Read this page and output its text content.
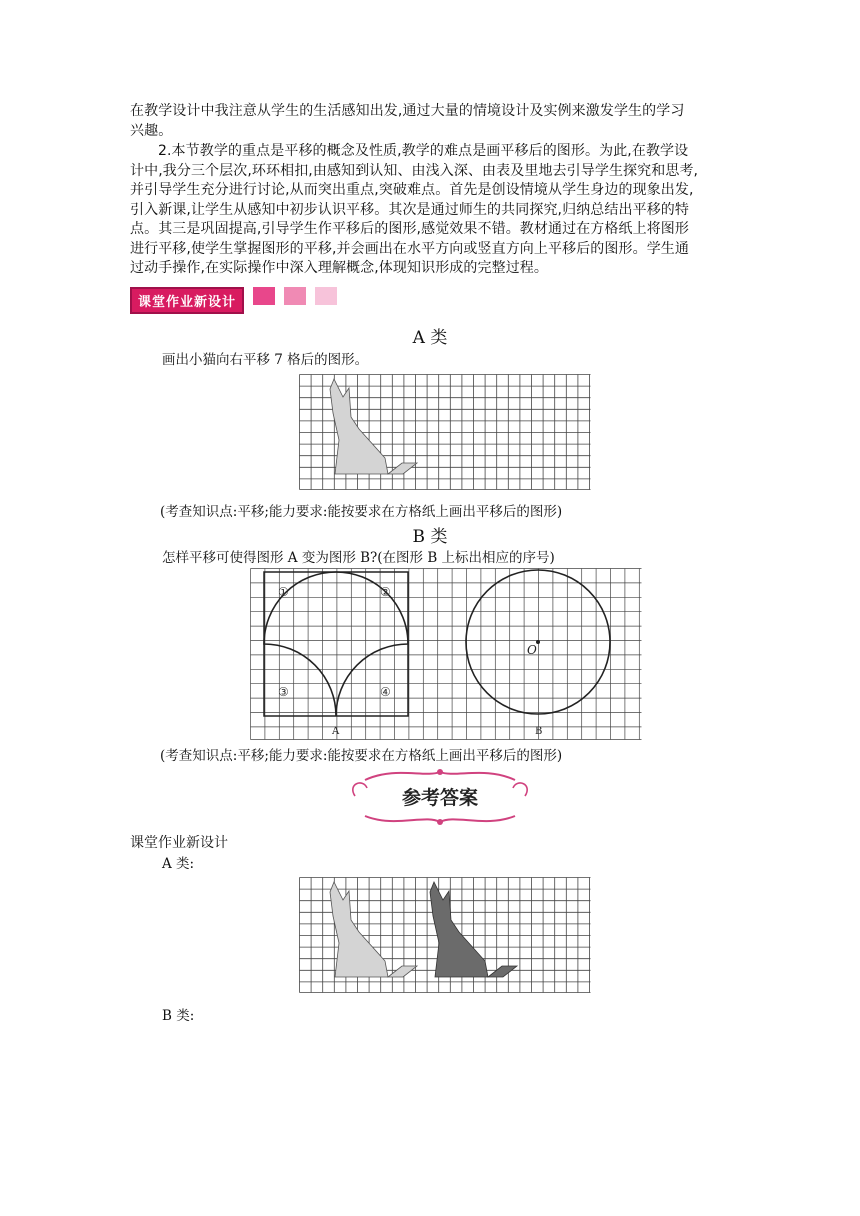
在教学设计中我注意从学生的生活感知出发,通过大量的情境设计及实例来激发学生的学习
兴趣。
2.本节教学的重点是平移的概念及性质,教学的难点是画平移后的图形。为此,在教学设
计中,我分三个层次,环环相扣,由感知到认知、由浅入深、由表及里地去引导学生探究和思考,
并引导学生充分进行讨论,从而突出重点,突破难点。首先是创设情境从学生身边的现象出发,
引入新课,让学生从感知中初步认识平移。其次是通过师生的共同探究,归纳总结出平移的特
点。其三是巩固提高,引导学生作平移后的图形,感觉效果不错。教材通过在方格纸上将图形
进行平移,使学生掌握图形的平移,并会画出在水平方向或竖直方向上平移后的图形。学生通
过动手操作,在实际操作中深入理解概念,体现知识形成的完整过程。
课堂作业新设计
A 类
画出小猫向右平移 7 格后的图形。
(考查知识点:平移;能力要求:能按要求在方格纸上画出平移后的图形)
B 类
怎样平移可使得图形 A 变为图形 B?(在图形 B 上标出相应的序号)
①	②
③	④
O
A	B
(考查知识点:平移;能力要求:能按要求在方格纸上画出平移后的图形)
参考答案
课堂作业新设计
A 类:
B 类:
